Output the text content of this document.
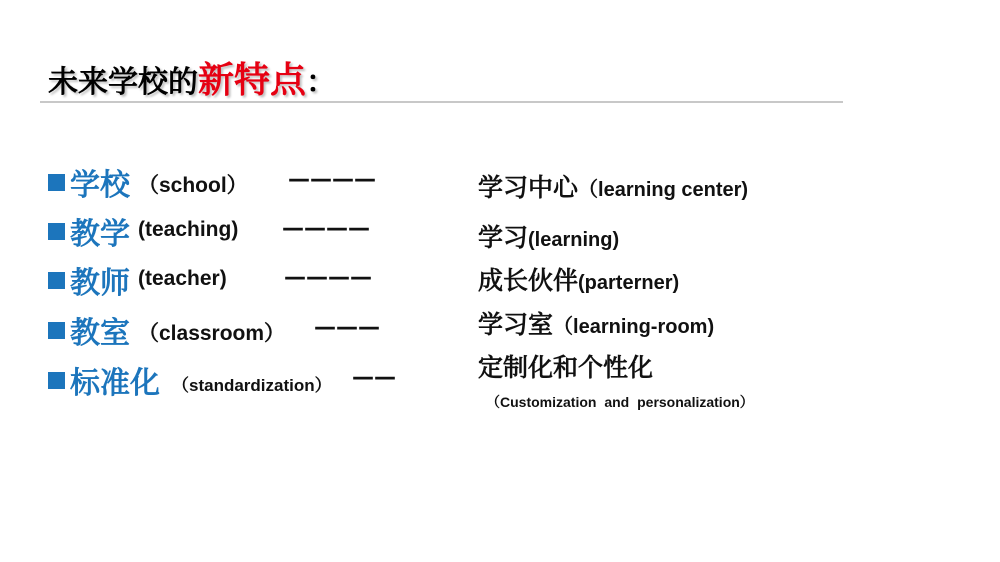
未来学校的新特点：
学校 （school） ————
教学 (teaching) ————
教师 (teacher)	————
教室 （classroom） ———
标准化 （standardization） ——
学习中心（learning center)
学习(learning)
成长伙伴(parterner)
学习室（learning-room)
定制化和个性化
（Customization and personalization）
